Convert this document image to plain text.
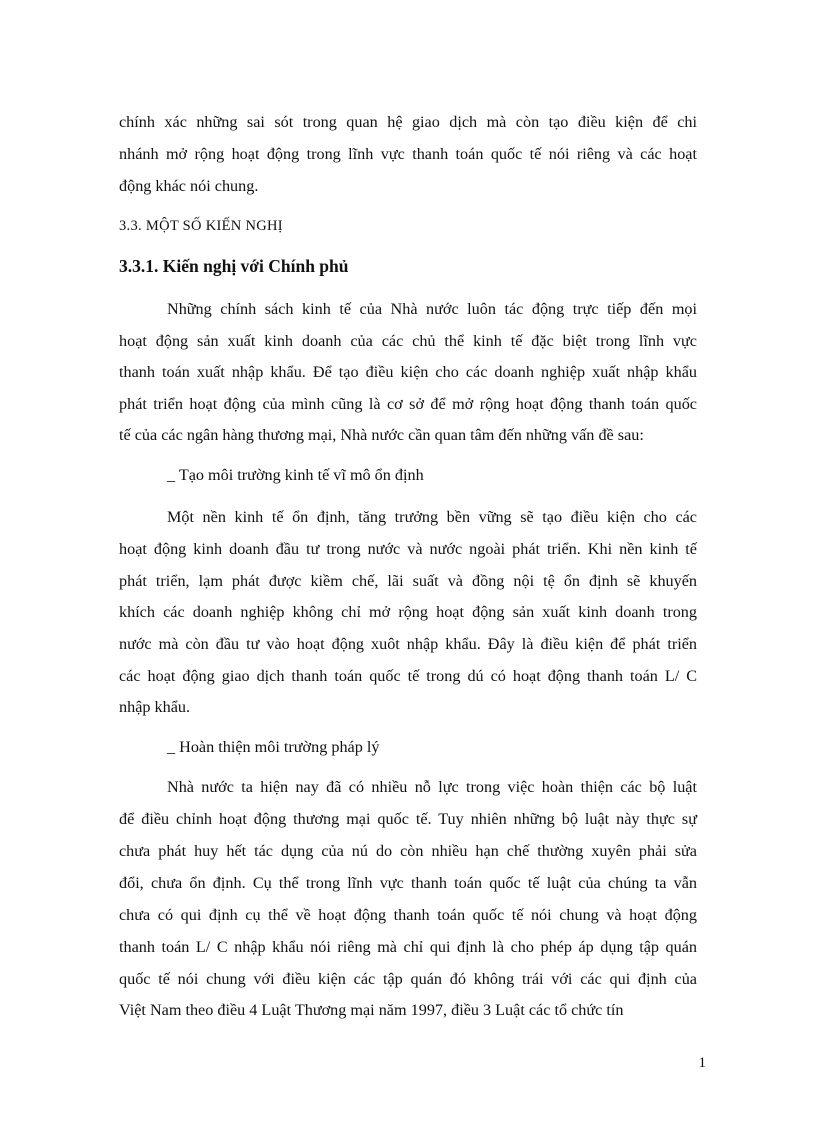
chính xác những sai sót trong quan hệ giao dịch mà còn tạo điều kiện để chi
nhánh mở rộng hoạt động trong lĩnh vực thanh toán quốc tế nói riêng và các hoạt
động khác nói chung.
3.3. MỘT SỐ KIẾN NGHỊ
3.3.1. Kiến nghị với Chính phủ
Những chính sách kinh tế của Nhà nước luôn tác động trực tiếp đến mọi
hoạt động sản xuất kinh doanh của các chủ thể kinh tế đặc biệt trong lĩnh vực
thanh toán xuất nhập khẩu. Để tạo điều kiện cho các doanh nghiệp xuất nhập khẩu
phát triển hoạt động của mình cũng là cơ sở để mở rộng hoạt động thanh toán quốc
tế của các ngân hàng thương mại, Nhà nước cần quan tâm đến những vấn đề sau:
_ Tạo môi trường kinh tế vĩ mô ổn định
Một nền kinh tế ổn định, tăng trưởng bền vững sẽ tạo điều kiện cho các
hoạt động kinh doanh đầu tư trong nước và nước ngoài phát triển. Khi nền kinh tế
phát triển, lạm phát được kiềm chế, lãi suất và đồng nội tệ ổn định sẽ khuyến
khích các doanh nghiệp không chỉ mở rộng hoạt động sản xuất kinh doanh trong
nước mà còn đầu tư vào hoạt động xuôt nhập khẩu. Đây là điều kiện để phát triển
các hoạt động giao dịch thanh toán quốc tế trong dú có hoạt động thanh toán L/ C
nhập khẩu.
_ Hoàn thiện môi trường pháp lý
Nhà nước ta hiện nay đã có nhiều nỗ lực trong việc hoàn thiện các bộ luật
để điều chỉnh hoạt động thương mại quốc tế. Tuy nhiên những bộ luật này thực sự
chưa phát huy hết tác dụng của nú do còn nhiều hạn chế thường xuyên phải sửa
đổi, chưa ổn định. Cụ thể trong lĩnh vực thanh toán quốc tế luật của chúng ta vẫn
chưa có qui định cụ thể về hoạt động thanh toán quốc tế nói chung và hoạt động
thanh toán L/ C nhập khẩu nói riêng mà chỉ qui định là cho phép áp dụng tập quán
quốc tế nói chung với điều kiện các tập quán đó không trái với các qui định của
Việt Nam theo điều 4 Luật Thương mại năm 1997, điều 3 Luật các tổ chức tín
1
